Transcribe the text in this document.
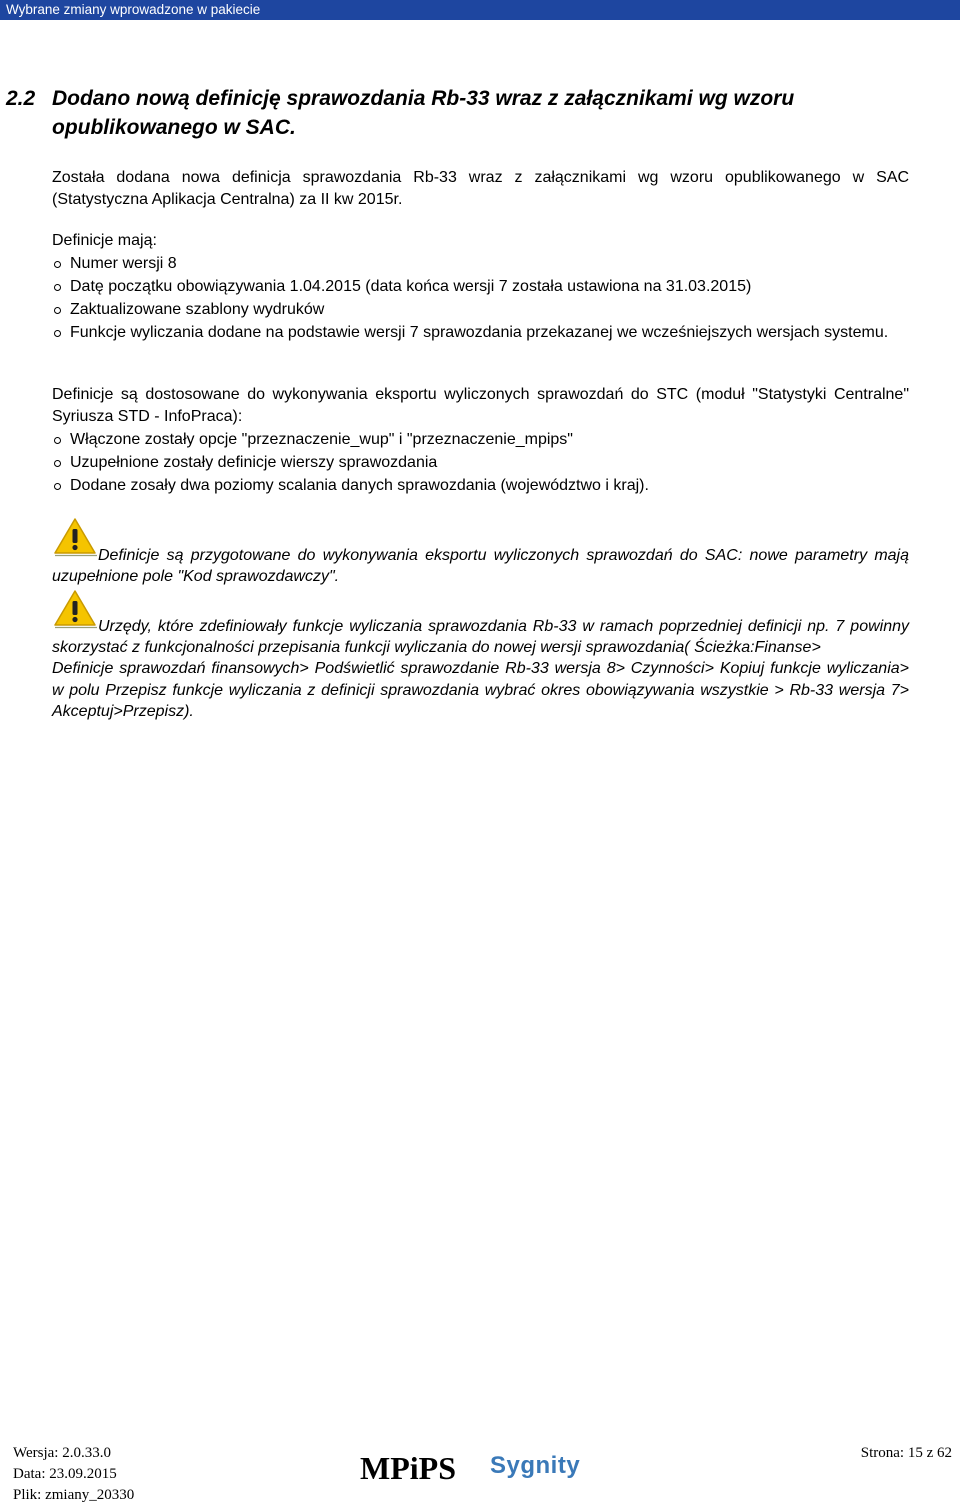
Wybrane zmiany wprowadzone w pakiecie
2.2 Dodano nową definicję sprawozdania Rb-33 wraz z załącznikami wg wzoru opublikowanego w SAC.
Została dodana nowa definicja sprawozdania Rb-33 wraz z załącznikami wg wzoru opublikowanego w SAC (Statystyczna Aplikacja Centralna) za II kw 2015r.
Definicje mają:
Numer wersji 8
Datę początku obowiązywania 1.04.2015 (data końca wersji 7 została ustawiona na 31.03.2015)
Zaktualizowane szablony wydruków
Funkcje wyliczania dodane na podstawie wersji 7 sprawozdania przekazanej we wcześniejszych wersjach systemu.
Definicje są dostosowane do wykonywania eksportu wyliczonych sprawozdań do STC (moduł "Statystyki Centralne" Syriusza STD - InfoPraca):
Włączone zostały opcje "przeznaczenie_wup" i "przeznaczenie_mpips"
Uzupełnione zostały definicje wierszy sprawozdania
Dodane zosały dwa poziomy scalania danych sprawozdania (województwo i kraj).
Definicje są przygotowane do wykonywania eksportu wyliczonych sprawozdań do SAC: nowe parametry mają uzupełnione pole "Kod sprawozdawczy".
Urzędy, które zdefiniowały funkcje wyliczania sprawozdania Rb-33 w ramach poprzedniej definicji np. 7 powinny skorzystać z funkcjonalności przepisania funkcji wyliczania do nowej wersji sprawozdania( Ścieżka:Finanse>
Definicje sprawozdań finansowych> Podświetlić sprawozdanie Rb-33 wersja 8> Czynności> Kopiuj funkcje wyliczania> w polu Przepisz funkcje wyliczania z definicji sprawozdania wybrać okres obowiązywania wszystkie > Rb-33 wersja 7> Akceptuj>Przepisz).
Wersja: 2.0.33.0
Data: 23.09.2015
Plik: zmiany_20330
MPiPS Sygnity	Strona: 15 z 62
